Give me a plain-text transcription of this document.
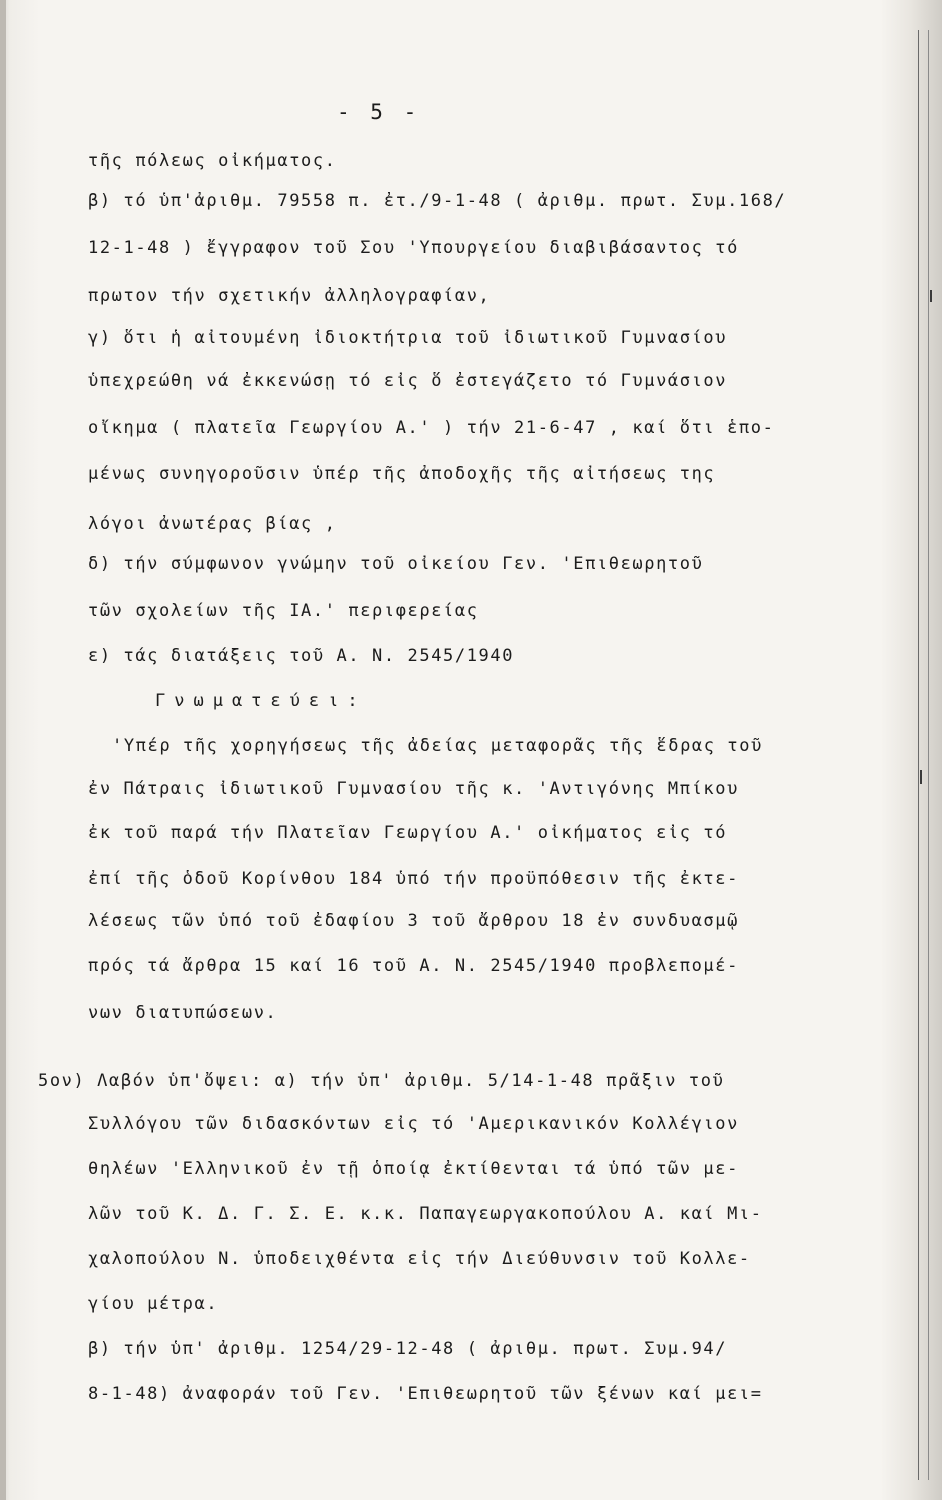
- 5 -
τῆς πόλεως οἰκήματος.
β) τό ὑπ'ἀριθμ. 79558 π. ἐτ./9-1-48 ( ἀριθμ. πρωτ. Συμ.168/
12-1-48 ) ἔγγραφον τοῦ Σου 'Υπουργείου διαβιβάσαντος τό
πρωτον τήν σχετικήν ἀλληλογραφίαν,
γ) ὅτι ἡ αἰτουμένη ἰδιοκτήτρια τοῦ ἰδιωτικοῦ Γυμνασίου
ὑπεχρεώθη νά ἐκκενώσῃ τό εἰς ὅ ἐστεγάζετο τό Γυμνάσιον
οἴκημα ( πλατεῖα Γεωργίου Α.' ) τήν 21-6-47 , καί ὅτι ἑπο-
μένως συνηγοροῦσιν ὑπέρ τῆς ἀποδοχῆς τῆς αἰτήσεως της
λόγοι ἀνωτέρας βίας ,
δ) τήν σύμφωνον γνώμην τοῦ οἰκείου Γεν. 'Επιθεωρητοῦ
τῶν σχολείων τῆς ΙΑ.' περιφερείας
ε) τάς διατάξεις τοῦ Α. Ν. 2545/1940
Γνωματεύει:
'Υπέρ τῆς χορηγήσεως τῆς ἀδείας μεταφορᾶς τῆς ἕδρας τοῦ
ἐν Πάτραις ἰδιωτικοῦ Γυμνασίου τῆς κ. 'Αντιγόνης Μπίκου
ἐκ τοῦ παρά τήν Πλατεῖαν Γεωργίου Α.' οἰκήματος εἰς τό
ἐπί τῆς ὁδοῦ Κορίνθου 184 ὑπό τήν προϋπόθεσιν τῆς ἐκτε-
λέσεως τῶν ὑπό τοῦ ἐδαφίου 3 τοῦ ἄρθρου 18 ἐν συνδυασμῷ
πρός τά ἄρθρα 15 καί 16 τοῦ Α. Ν. 2545/1940 προβλεπομέ-
νων διατυπώσεων.
5ον) Λαβόν ὑπ'ὄψει: α) τήν ὑπ' ἀριθμ. 5/14-1-48 πρᾶξιν τοῦ
Συλλόγου τῶν διδασκόντων εἰς τό 'Αμερικανικόν Κολλέγιον
θηλέων 'Ελληνικοῦ ἐν τῇ ὁποίᾳ ἐκτίθενται τά ὑπό τῶν με-
λῶν τοῦ Κ. Δ. Γ. Σ. Ε. κ.κ. Παπαγεωργακοπούλου Α. καί Μι-
χαλοπούλου Ν. ὑποδειχθέντα εἰς τήν Διεύθυνσιν τοῦ Κολλε-
γίου μέτρα.
β) τήν ὑπ' ἀριθμ. 1254/29-12-48 ( ἀριθμ. πρωτ. Συμ.94/
8-1-48) ἀναφοράν τοῦ Γεν. 'Επιθεωρητοῦ τῶν ξένων καί μει=
